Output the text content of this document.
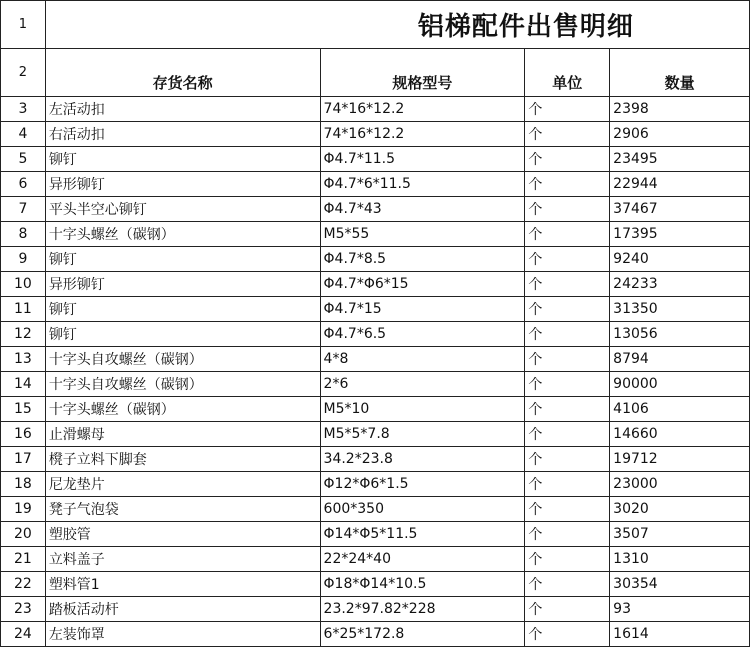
1	铝梯配件出售明细			
2	存货名称	规格型号	单位	数量
3	左活动扣	74*16*12.2	个	2398
4	右活动扣	74*16*12.2	个	2906
5	铆钉	Φ4.7*11.5	个	23495
6	异形铆钉	Φ4.7*6*11.5	个	22944
7	平头半空心铆钉	Φ4.7*43	个	37467
8	十字头螺丝（碳钢）	M5*55	个	17395
9	铆钉	Φ4.7*8.5	个	9240
10	异形铆钉	Φ4.7*Φ6*15	个	24233
11	铆钉	Φ4.7*15	个	31350
12	铆钉	Φ4.7*6.5	个	13056
13	十字头自攻螺丝（碳钢）	4*8	个	8794
14	十字头自攻螺丝（碳钢）	2*6	个	90000
15	十字头螺丝（碳钢）	M5*10	个	4106
16	止滑螺母	M5*5*7.8	个	14660
17	櫈子立料下脚套	34.2*23.8	个	19712
18	尼龙垫片	Φ12*Φ6*1.5	个	23000
19	凳子气泡袋	600*350	个	3020
20	塑胶管	Φ14*Φ5*11.5	个	3507
21	立料盖子	22*24*40	个	1310
22	塑料管1	Φ18*Φ14*10.5	个	30354
23	踏板活动杆	23.2*97.82*228	个	93
24	左装饰罩	6*25*172.8	个	1614
